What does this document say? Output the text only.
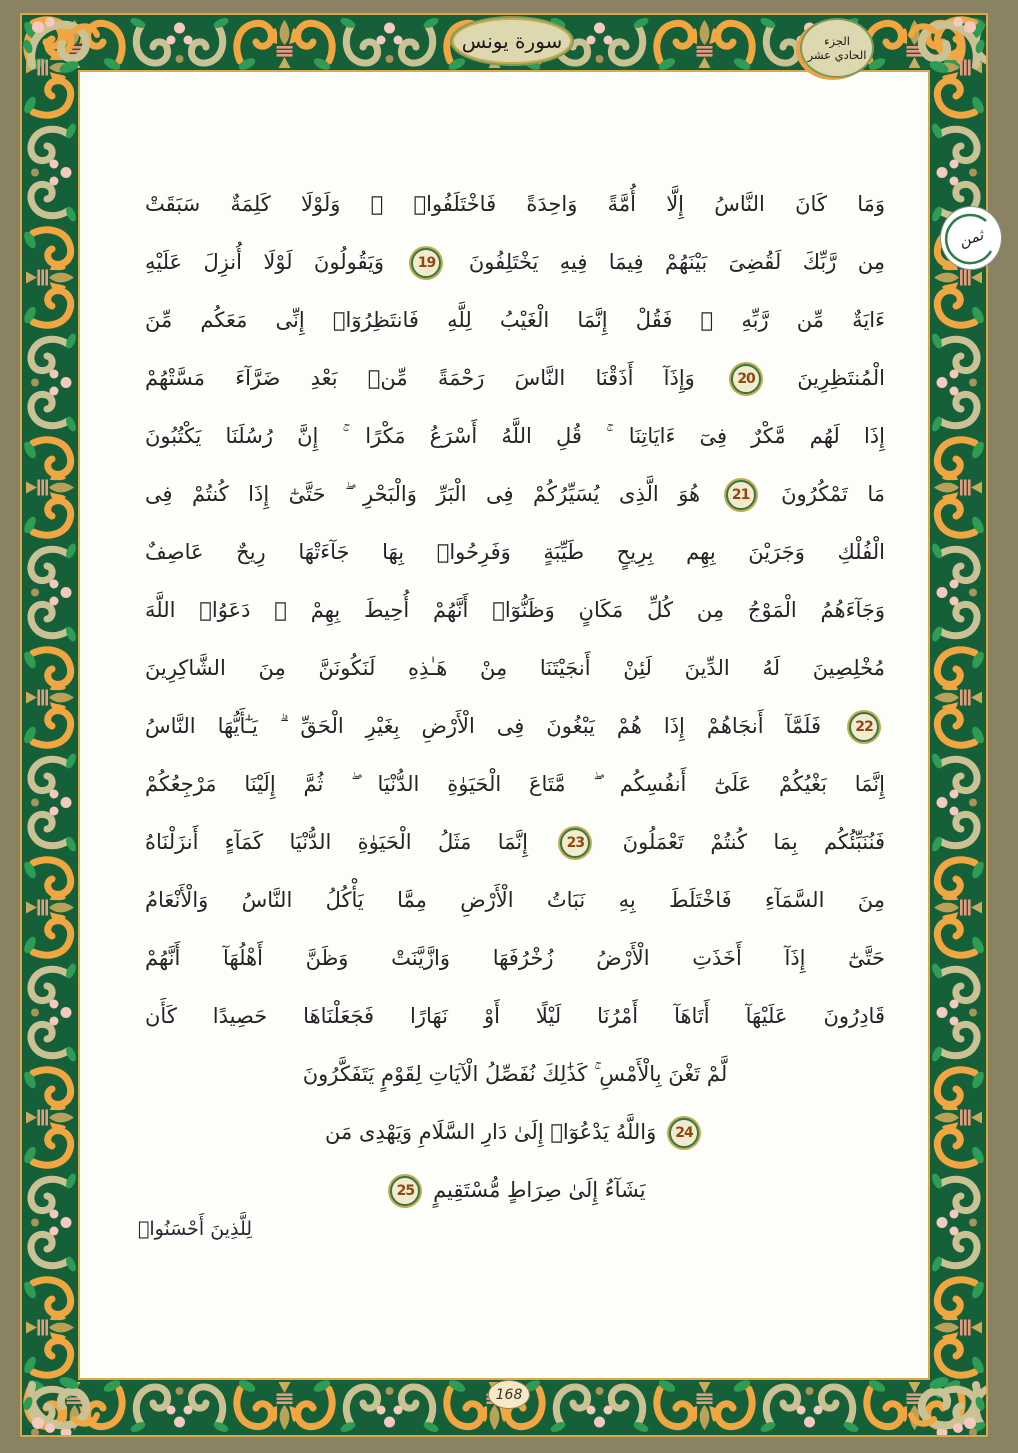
سورة يونس	الجزء
الحادي عشر
ثمن
وَمَا كَانَ النَّاسُ إِلَّا أُمَّةً وَاحِدَةً فَاخْتَلَفُوا۟ ۚ وَلَوْلَا كَلِمَةٌ سَبَقَتْ
مِن رَّبِّكَ لَقُضِىَ بَيْنَهُمْ فِيمَا فِيهِ يَخْتَلِفُونَ
19
وَيَقُولُونَ لَوْلَا أُنزِلَ عَلَيْهِ
ءَايَةٌ مِّن رَّبِّهِ ۖ فَقُلْ إِنَّمَا الْغَيْبُ لِلَّهِ فَانتَظِرُوٓا۟ إِنِّى مَعَكُم مِّنَ
الْمُنتَظِرِينَ
20
وَإِذَآ أَذَقْنَا النَّاسَ رَحْمَةً مِّنۢ بَعْدِ ضَرَّآءَ مَسَّتْهُمْ
إِذَا لَهُم مَّكْرٌ فِىٓ ءَايَاتِنَا ۚ قُلِ اللَّهُ أَسْرَعُ مَكْرًا ۚ إِنَّ رُسُلَنَا يَكْتُبُونَ
مَا تَمْكُرُونَ
21
هُوَ الَّذِى يُسَيِّرُكُمْ فِى الْبَرِّ وَالْبَحْرِ ۖ حَتَّىٰٓ إِذَا كُنتُمْ فِى
الْفُلْكِ وَجَرَيْنَ بِهِم بِرِيحٍ طَيِّبَةٍ وَفَرِحُوا۟ بِهَا جَآءَتْهَا رِيحٌ عَاصِفٌ
وَجَآءَهُمُ الْمَوْجُ مِن كُلِّ مَكَانٍ وَظَنُّوٓا۟ أَنَّهُمْ أُحِيطَ بِهِمْ ۙ دَعَوُا۟ اللَّهَ
مُخْلِصِينَ لَهُ الدِّينَ لَئِنْ أَنجَيْتَنَا مِنْ هَـٰذِهِ لَنَكُونَنَّ مِنَ الشَّاكِرِينَ
22
فَلَمَّآ أَنجَاهُمْ إِذَا هُمْ يَبْغُونَ فِى الْأَرْضِ بِغَيْرِ الْحَقِّ ۗ يَـٰٓأَيُّهَا النَّاسُ
إِنَّمَا بَغْيُكُمْ عَلَىٰٓ أَنفُسِكُم ۖ مَّتَاعَ الْحَيَوٰةِ الدُّنْيَا ۖ ثُمَّ إِلَيْنَا مَرْجِعُكُمْ
فَنُنَبِّئُكُم بِمَا كُنتُمْ تَعْمَلُونَ
23
إِنَّمَا مَثَلُ الْحَيَوٰةِ الدُّنْيَا كَمَآءٍ أَنزَلْنَاهُ
مِنَ السَّمَآءِ فَاخْتَلَطَ بِهِ نَبَاتُ الْأَرْضِ مِمَّا يَأْكُلُ النَّاسُ وَالْأَنْعَامُ
حَتَّىٰٓ إِذَآ أَخَذَتِ الْأَرْضُ زُخْرُفَهَا وَازَّيَّنَتْ وَظَنَّ أَهْلُهَآ أَنَّهُمْ
قَادِرُونَ عَلَيْهَآ أَتَاهَآ أَمْرُنَا لَيْلًا أَوْ نَهَارًا فَجَعَلْنَاهَا حَصِيدًا كَأَن
لَّمْ تَغْنَ بِالْأَمْسِ ۚ كَذَٰلِكَ نُفَصِّلُ الْآيَاتِ لِقَوْمٍ يَتَفَكَّرُونَ
24
وَاللَّهُ يَدْعُوٓا۟ إِلَىٰ دَارِ السَّلَامِ وَيَهْدِى مَن
يَشَآءُ إِلَىٰ صِرَاطٍ مُّسْتَقِيمٍ
25
لِلَّذِينَ أَحْسَنُوا۟
168
